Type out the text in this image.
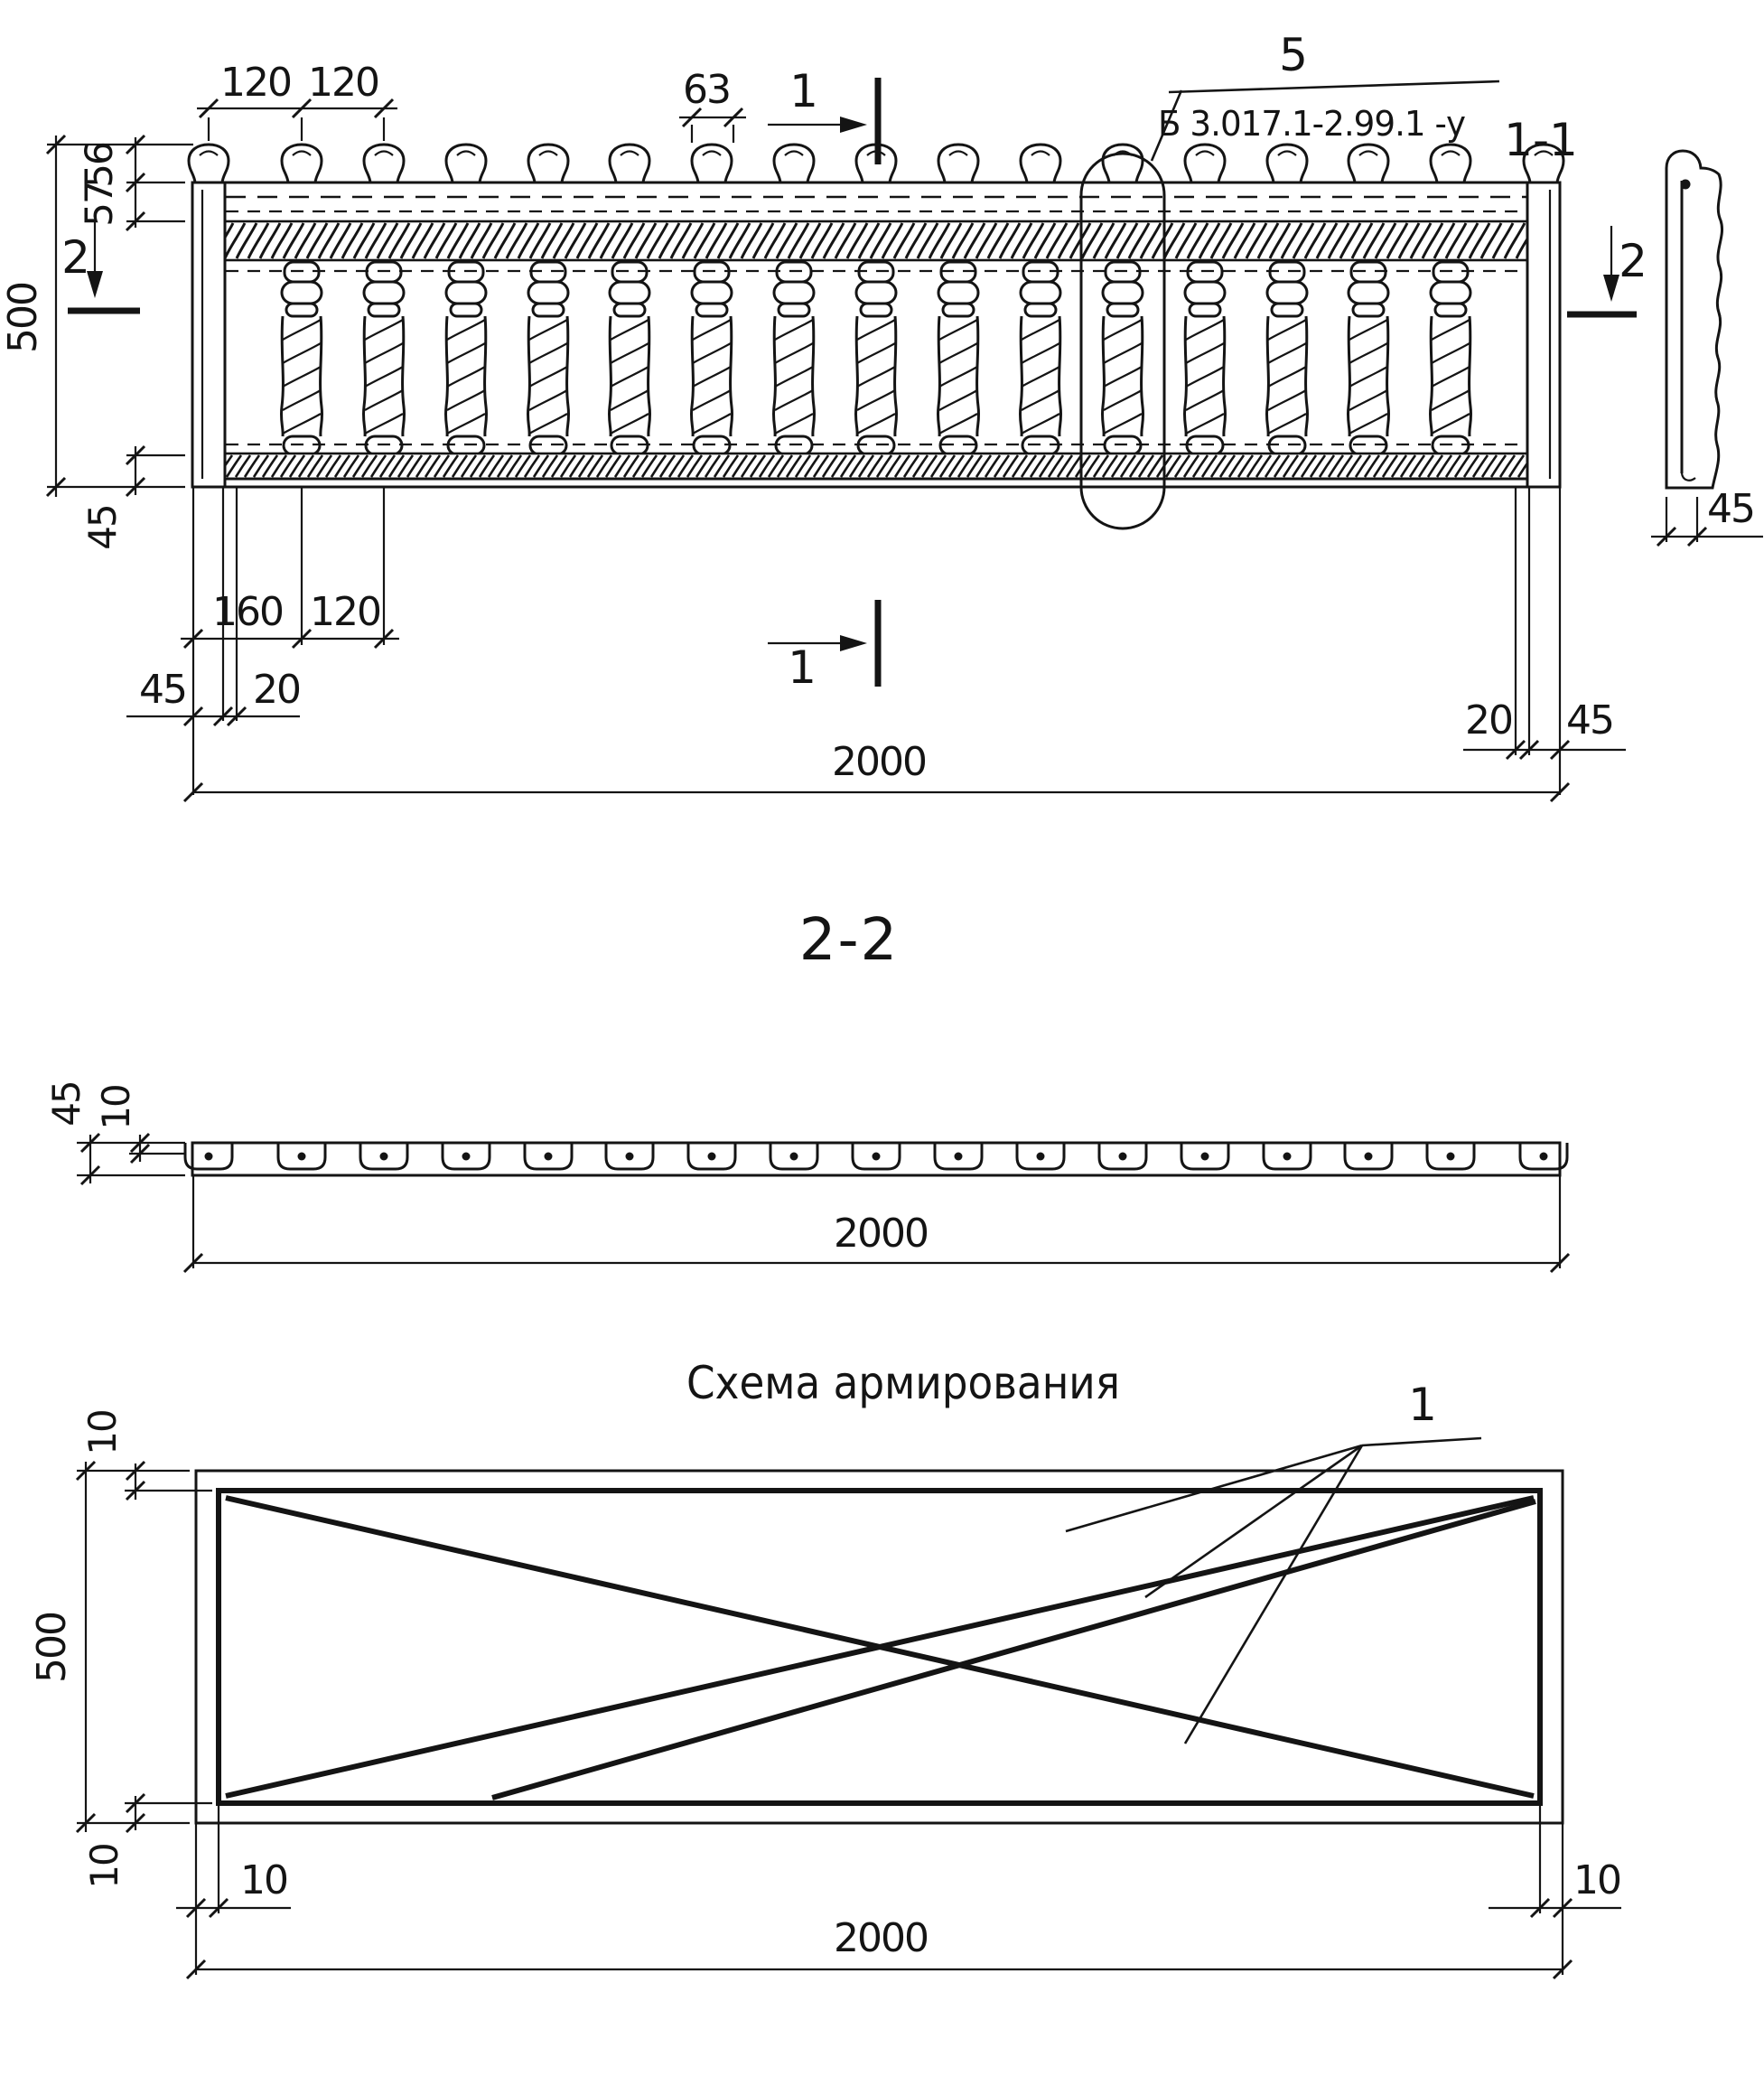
5
Б 3.017.1-2.99.1 -у 1-1
1
1
2	2
120 120	63
56
57
500
45
160 120
45 20
20 45
2000
45
2-2
45 10
2000
Схема армирования	1
10
500
10	10	10
2000
